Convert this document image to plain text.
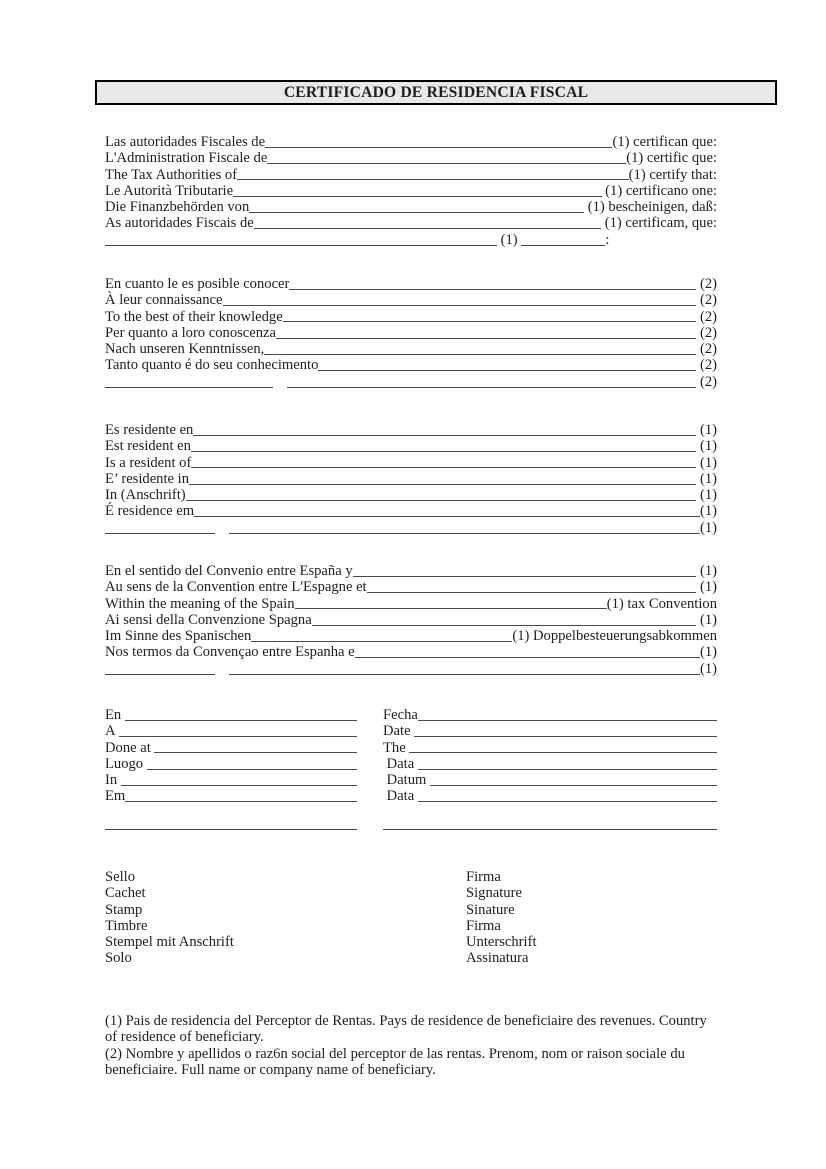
CERTIFICADO DE RESIDENCIA FISCAL
Las autoridades Fiscales de	(1) certifican que:
L'Administration Fiscale de	(1) certific que:
The Tax Authorities of	(1) certify that:
Le Autorità Tributarie	(1) certificano one:
Die Finanzbehörden von	(1) bescheinigen, daß:
As autoridades Fiscais de	(1) certificam, que:
(1)	:
En cuanto le es posible conocer	(2)
À leur connaissance	(2)
To the best of their knowledge	(2)
Per quanto a loro conoscenza	(2)
Nach unseren Kenntnissen,	(2)
Tanto quanto é do seu conhecimento	(2)
(2)
Es residente en	(1)
Est resident en	(1)
Is a resident of	(1)
E’ residente in	(1)
In (Anschrift)	(1)
É residence em	(1)
(1)
En el sentido del Convenio entre España y	(1)
Au sens de la Convention entre L'Espagne et	(1)
Within the meaning of the Spain	(1) tax Convention
Ai sensi della Convenzione Spagna	(1)
Im Sinne des Spanischen	(1) Doppelbesteuerungsabkommen
Nos termos da Convençao entre Espanha e	(1)
(1)
En	Fecha
A	Date
Done at	The
Luogo	Data
In	Datum
Em	Data
Sello	Firma
Cachet	Signature
Stamp	Sinature
Timbre	Firma
Stempel mit Anschrift	Unterschrift
Solo	Assinatura
(1) Pais de residencia del Perceptor de Rentas. Pays de residence de beneficiaire des revenues. Country
of residence of beneficiary.
(2) Nombre y apellidos o raz6n social del perceptor de las rentas. Prenom, nom or raison sociale du
beneficiaire. Full name or company name of beneficiary.
